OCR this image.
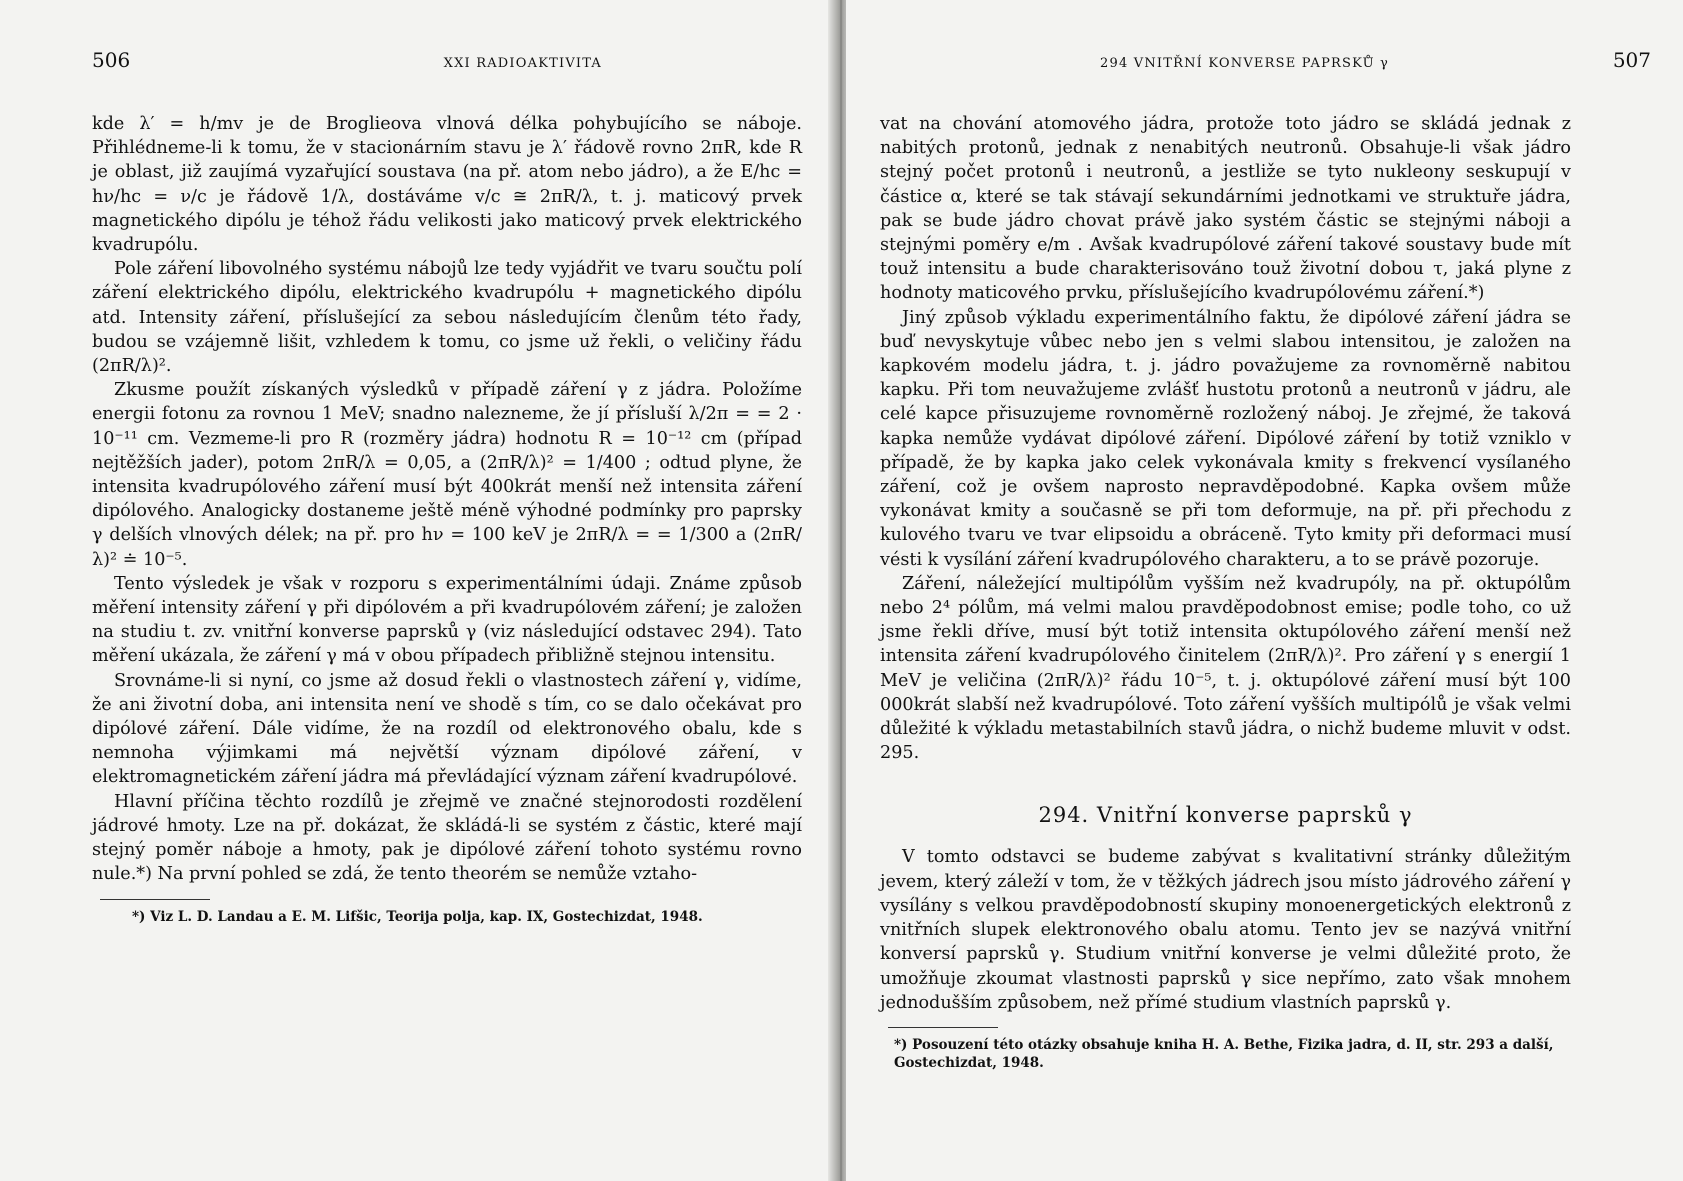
506	XXI RADIOAKTIVITA

kde λ′ = h/mv je de Broglieova vlnová délka pohybujícího se náboje. Přihlédneme-li k tomu, že v stacionárním stavu je λ′ řádově rovno 2πR, kde R je oblast, již zaujímá vyzařující soustava (na př. atom nebo jádro), a že E/hc = hν/hc = ν/c je řádově 1/λ, dostáváme v/c ≅ 2πR/λ, t. j. maticový prvek magnetického dipólu je téhož řádu velikosti jako maticový prvek elektrického kvadrupólu.

Pole záření libovolného systému nábojů lze tedy vyjádřit ve tvaru součtu polí záření elektrického dipólu, elektrického kvadrupólu + magnetického dipólu atd. Intensity záření, příslušející za sebou následujícím členům této řady, budou se vzájemně lišit, vzhledem k tomu, co jsme už řekli, o veličiny řádu (2πR/λ)².

Zkusme použít získaných výsledků v případě záření γ z jádra. Položíme energii fotonu za rovnou 1 MeV; snadno nalezneme, že jí přísluší λ/2π = = 2 · 10⁻¹¹ cm. Vezmeme-li pro R (rozměry jádra) hodnotu R = 10⁻¹² cm (případ nejtěžších jader), potom 2πR/λ = 0,05, a (2πR/λ)² = 1/400 ; odtud plyne, že intensita kvadrupólového záření musí být 400krát menší než intensita záření dipólového. Analogicky dostaneme ještě méně výhodné podmínky pro paprsky γ delších vlnových délek; na př. pro hν = 100 keV je 2πR/λ = = 1/300 a (2πR/λ)² ≐ 10⁻⁵.

Tento výsledek je však v rozporu s experimentálními údaji. Známe způsob měření intensity záření γ při dipólovém a při kvadrupólovém záření; je založen na studiu t. zv. vnitřní konverse paprsků γ (viz následující odstavec 294). Tato měření ukázala, že záření γ má v obou případech přibližně stejnou intensitu.

Srovnáme-li si nyní, co jsme až dosud řekli o vlastnostech záření γ, vidíme, že ani životní doba, ani intensita není ve shodě s tím, co se dalo očekávat pro dipólové záření. Dále vidíme, že na rozdíl od elektronového obalu, kde s nemnoha výjimkami má největší význam dipólové záření, v elektromagnetickém záření jádra má převládající význam záření kvadrupólové.

Hlavní příčina těchto rozdílů je zřejmě ve značné stejnorodosti rozdělení jádrové hmoty. Lze na př. dokázat, že skládá-li se systém z částic, které mají stejný poměr náboje a hmoty, pak je dipólové záření tohoto systému rovno nule.*) Na první pohled se zdá, že tento theorém se nemůže vztaho-

*) Viz L. D. Landau a E. M. Lifšic, Teorija polja, kap. IX, Gostechizdat, 1948.
294 VNITŘNÍ KONVERSE PAPRSKŮ γ	507

vat na chování atomového jádra, protože toto jádro se skládá jednak z nabitých protonů, jednak z nenabitých neutronů. Obsahuje-li však jádro stejný počet protonů i neutronů, a jestliže se tyto nukleony seskupují v částice α, které se tak stávají sekundárními jednotkami ve struktuře jádra, pak se bude jádro chovat právě jako systém částic se stejnými náboji a stejnými poměry e/m . Avšak kvadrupólové záření takové soustavy bude mít touž intensitu a bude charakterisováno touž životní dobou τ, jaká plyne z hodnoty maticového prvku, příslušejícího kvadrupólovému záření.*)

Jiný způsob výkladu experimentálního faktu, že dipólové záření jádra se buď nevyskytuje vůbec nebo jen s velmi slabou intensitou, je založen na kapkovém modelu jádra, t. j. jádro považujeme za rovnoměrně nabitou kapku. Při tom neuvažujeme zvlášť hustotu protonů a neutronů v jádru, ale celé kapce přisuzujeme rovnoměrně rozložený náboj. Je zřejmé, že taková kapka nemůže vydávat dipólové záření. Dipólové záření by totiž vzniklo v případě, že by kapka jako celek vykonávala kmity s frekvencí vysílaného záření, což je ovšem naprosto nepravděpodobné. Kapka ovšem může vykonávat kmity a současně se při tom deformuje, na př. při přechodu z kulového tvaru ve tvar elipsoidu a obráceně. Tyto kmity při deformaci musí vésti k vysílání záření kvadrupólového charakteru, a to se právě pozoruje.

Záření, náležející multipólům vyšším než kvadrupóly, na př. oktupólům nebo 2⁴ pólům, má velmi malou pravděpodobnost emise; podle toho, co už jsme řekli dříve, musí být totiž intensita oktupólového záření menší než intensita záření kvadrupólového činitelem (2πR/λ)². Pro záření γ s energií 1 MeV je veličina (2πR/λ)² řádu 10⁻⁵, t. j. oktupólové záření musí být 100 000krát slabší než kvadrupólové. Toto záření vyšších multipólů je však velmi důležité k výkladu metastabilních stavů jádra, o nichž budeme mluvit v odst. 295.

294. Vnitřní konverse paprsků γ

V tomto odstavci se budeme zabývat s kvalitativní stránky důležitým jevem, který záleží v tom, že v těžkých jádrech jsou místo jádrového záření γ vysílány s velkou pravděpodobností skupiny monoenergetických elektronů z vnitřních slupek elektronového obalu atomu. Tento jev se nazývá vnitřní konversí paprsků γ. Studium vnitřní konverse je velmi důležité proto, že umožňuje zkoumat vlastnosti paprsků γ sice nepřímo, zato však mnohem jednodušším způsobem, než přímé studium vlastních paprsků γ.

*) Posouzení této otázky obsahuje kniha H. A. Bethe, Fizika jadra, d. II, str. 293 a další, Gostechizdat, 1948.
